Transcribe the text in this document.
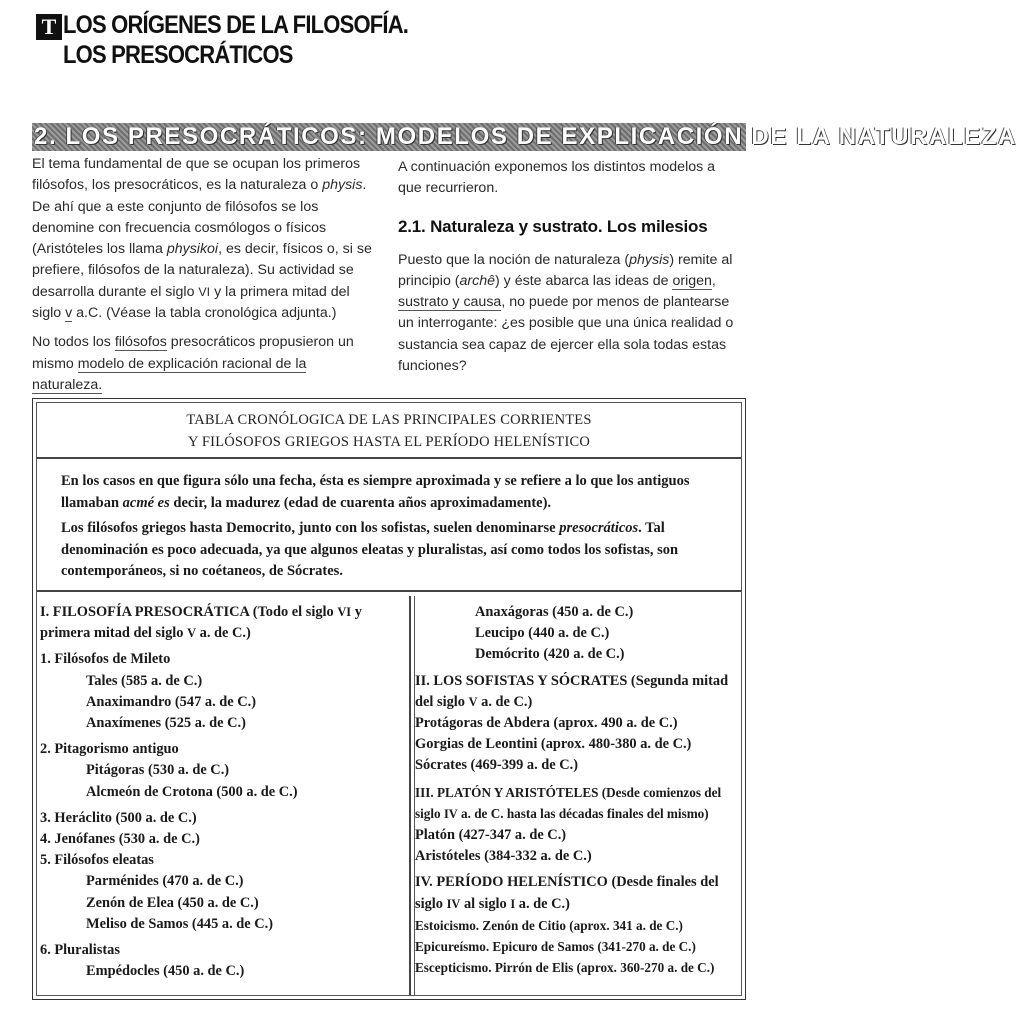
T LOS ORÍGENES DE LA FILOSOFÍA.
LOS PRESOCRÁTICOS
2. LOS PRESOCRÁTICOS: MODELOS DE EXPLICACIÓN DE LA NATURALEZA

El tema fundamental de que se ocupan los primeros filósofos, los presocráticos, es la naturaleza o physis. De ahí que a este conjunto de filósofos se los denomine con frecuencia cosmólogos o físicos (Aristóteles los llama physikoi, es decir, físicos o, si se prefiere, filósofos de la naturaleza). Su actividad se desarrolla durante el siglo VI y la primera mitad del siglo v a.C. (Véase la tabla cronológica adjunta.)

No todos los filósofos presocráticos propusieron un mismo modelo de explicación racional de la naturaleza.

A continuación exponemos los distintos modelos a que recurrieron.

2.1. Naturaleza y sustrato. Los milesios

Puesto que la noción de naturaleza (physis) remite al principio (archê) y éste abarca las ideas de origen, sustrato y causa, no puede por menos de plantearse un interrogante: ¿es posible que una única realidad o sustancia sea capaz de ejercer ella sola todas estas funciones?

TABLA CRONÓLOGICA DE LAS PRINCIPALES CORRIENTES
Y FILÓSOFOS GRIEGOS HASTA EL PERÍODO HELENÍSTICO

En los casos en que figura sólo una fecha, ésta es siempre aproximada y se refiere a lo que los antiguos llamaban acmé es decir, la madurez (edad de cuarenta años aproximadamente).

Los filósofos griegos hasta Democrito, junto con los sofistas, suelen denominarse presocráticos. Tal denominación es poco adecuada, ya que algunos eleatas y pluralistas, así como todos los sofistas, son contemporáneos, si no coétaneos, de Sócrates.

I. FILOSOFÍA PRESOCRÁTICA (Todo el siglo VI y primera mitad del siglo V a. de C.)
1. Filósofos de Mileto
Tales (585 a. de C.)
Anaximandro (547 a. de C.)
Anaxímenes (525 a. de C.)
2. Pitagorismo antiguo
Pitágoras (530 a. de C.)
Alcmeón de Crotona (500 a. de C.)
3. Heráclito (500 a. de C.)
4. Jenófanes (530 a. de C.)
5. Filósofos eleatas
Parménides (470 a. de C.)
Zenón de Elea (450 a. de C.)
Meliso de Samos (445 a. de C.)
6. Pluralistas
Empédocles (450 a. de C.)
Anaxágoras (450 a. de C.)
Leucipo (440 a. de C.)
Demócrito (420 a. de C.)
II. LOS SOFISTAS Y SÓCRATES (Segunda mitad del siglo V a. de C.)
Protágoras de Abdera (aprox. 490 a. de C.)
Gorgias de Leontini (aprox. 480-380 a. de C.)
Sócrates (469-399 a. de C.)
III. PLATÓN Y ARISTÓTELES (Desde comienzos del siglo IV a. de C. hasta las décadas finales del mismo)
Platón (427-347 a. de C.)
Aristóteles (384-332 a. de C.)
IV. PERÍODO HELENÍSTICO (Desde finales del siglo IV al siglo I a. de C.)
Estoicismo. Zenón de Citio (aprox. 341 a. de C.)
Epicureísmo. Epicuro de Samos (341-270 a. de C.)
Escepticismo. Pirrón de Elis (aprox. 360-270 a. de C.)
